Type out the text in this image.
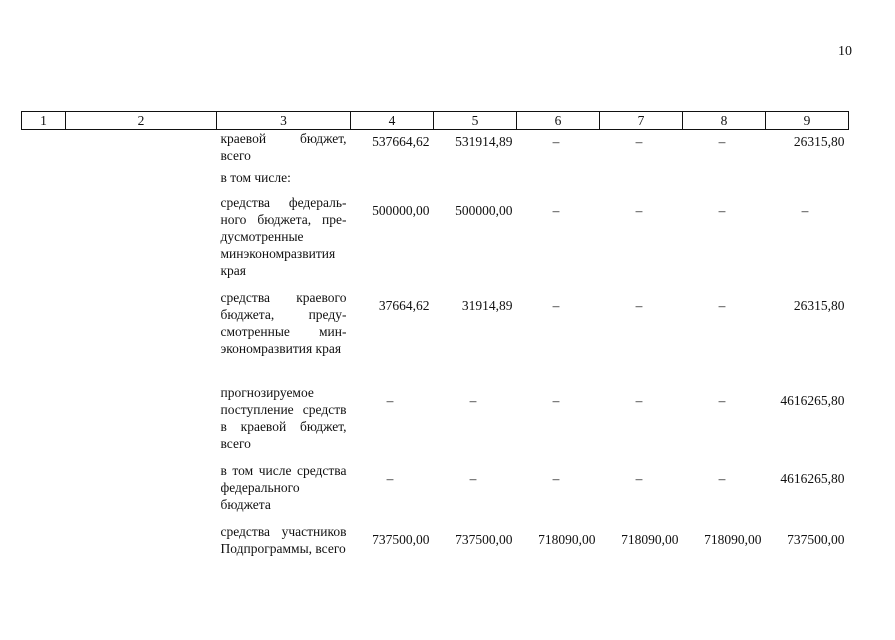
10
1	2	3	4	5	6	7	8	9
		краевой бюджет, всего	537664,62	531914,89	–	–	–	26315,80
		в том числе:						
		средства федерального бюджета, предусмотренные минэкономразвития края	500000,00	500000,00	–	–	–	–
		средства краевого бюджета, предусмотренные минэкономразвития края	37664,62	31914,89	–	–	–	26315,80
		прогнозируемое поступление средств в краевой бюджет, всего	–	–	–	–	–	4616265,80
		в том числе средства федерального бюджета	–	–	–	–	–	4616265,80
		средства участников Подпрограммы, всего	737500,00	737500,00	718090,00	718090,00	718090,00	737500,00
